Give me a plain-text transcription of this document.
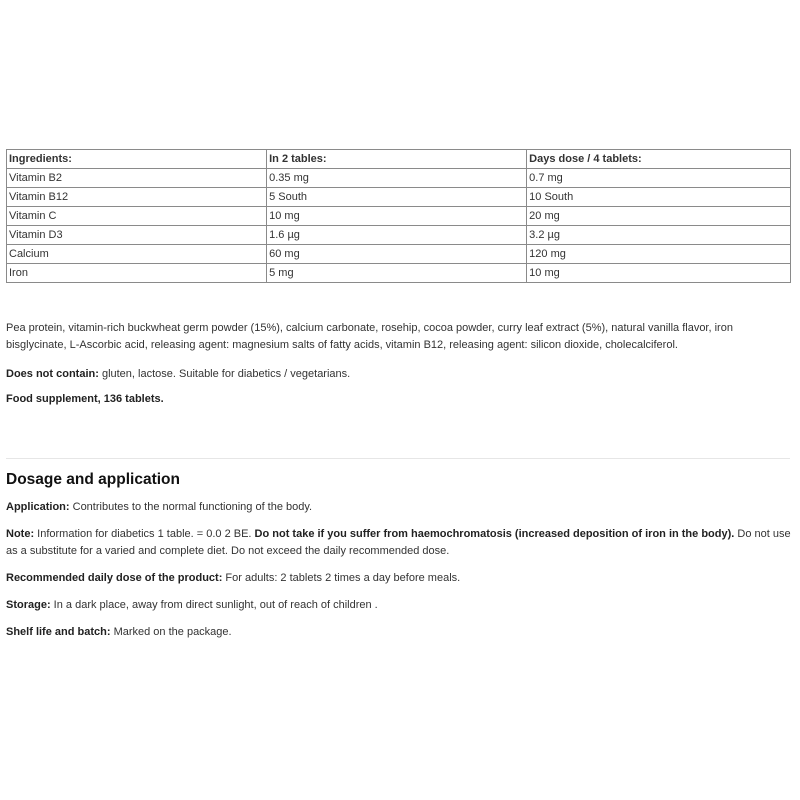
Ingredients:	In 2 tables:	Days dose / 4 tablets:
Vitamin B2	0.35 mg	0.7 mg
Vitamin B12	5 South	10 South
Vitamin C	10 mg	20 mg
Vitamin D3	1.6 µg	3.2 µg
Calcium	60 mg	120 mg
Iron	5 mg	10 mg

Pea protein, vitamin-rich buckwheat germ powder (15%), calcium carbonate, rosehip, cocoa powder, curry leaf extract (5%), natural vanilla flavor, iron bisglycinate, L-Ascorbic acid, releasing agent: magnesium salts of fatty acids, vitamin B12, releasing agent: silicon dioxide, cholecalciferol.

Does not contain: gluten, lactose. Suitable for diabetics / vegetarians.

Food supplement, 136 tablets.

Dosage and application

Application: Contributes to the normal functioning of the body.

Note: Information for diabetics 1 table. = 0.0 2 BE. Do not take if you suffer from haemochromatosis (increased deposition of iron in the body). Do not use as a substitute for a varied and complete diet. Do not exceed the daily recommended dose.

Recommended daily dose of the product: For adults: 2 tablets 2 times a day before meals.

Storage: In a dark place, away from direct sunlight, out of reach of children .

Shelf life and batch: Marked on the package.
